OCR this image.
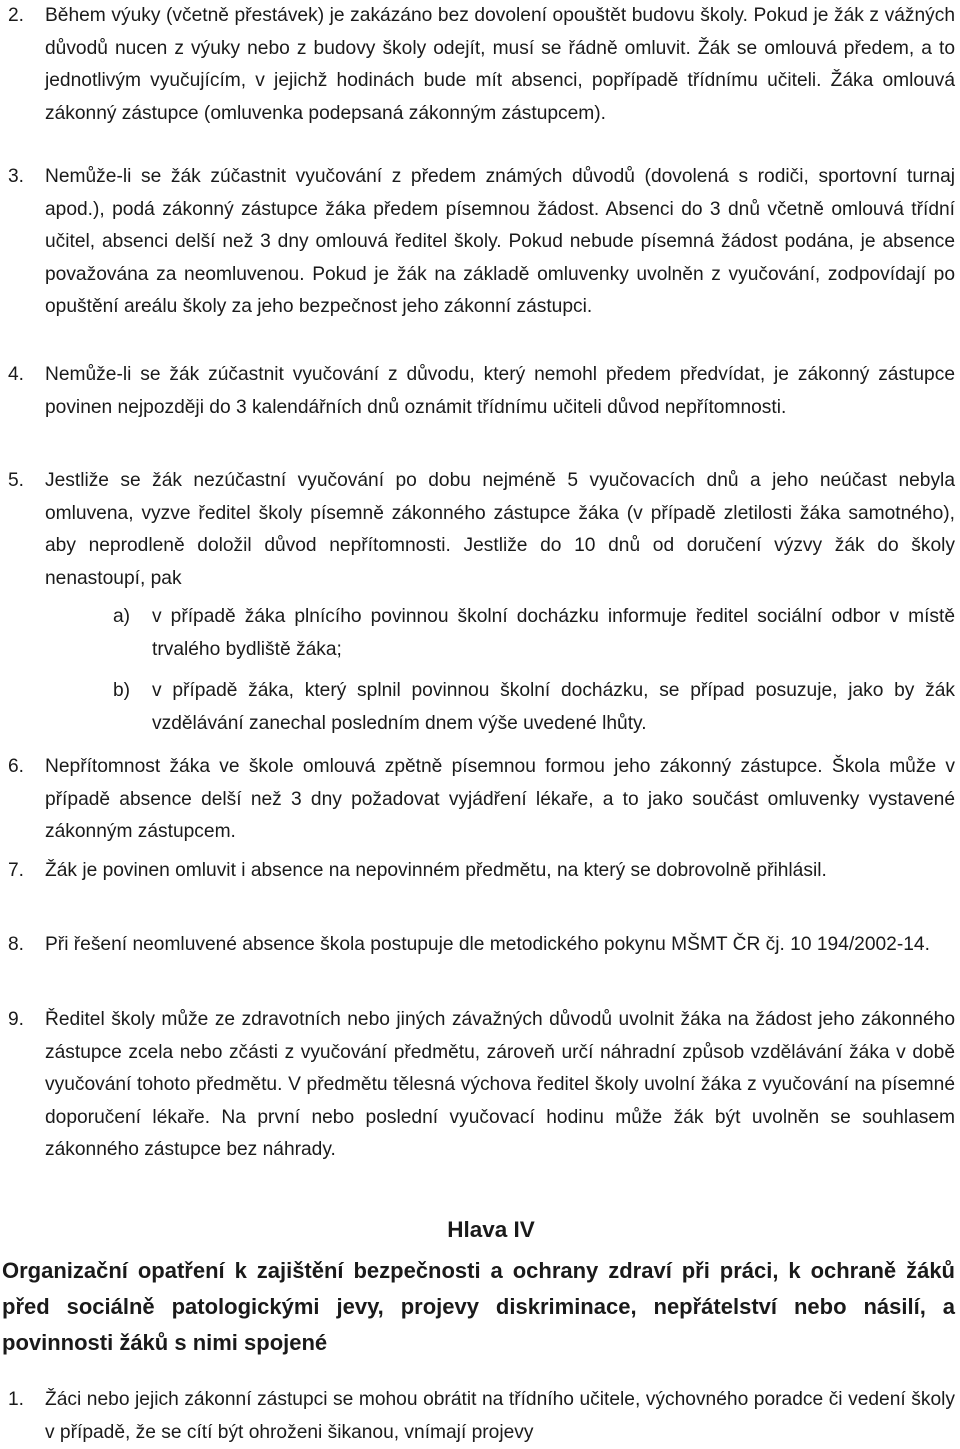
2. Během výuky (včetně přestávek) je zakázáno bez dovolení opouštět budovu školy. Pokud je žák z vážných důvodů nucen z výuky nebo z budovy školy odejít, musí se řádně omluvit. Žák se omlouvá předem, a to jednotlivým vyučujícím, v jejichž hodinách bude mít absenci, popřípadě třídnímu učiteli. Žáka omlouvá zákonný zástupce (omluvenka podepsaná zákonným zástupcem).
3. Nemůže-li se žák zúčastnit vyučování z předem známých důvodů (dovolená s rodiči, sportovní turnaj apod.), podá zákonný zástupce žáka předem písemnou žádost. Absenci do 3 dnů včetně omlouvá třídní učitel, absenci delší než 3 dny omlouvá ředitel školy. Pokud nebude písemná žádost podána, je absence považována za neomluvenou. Pokud je žák na základě omluvenky uvolněn z vyučování, zodpovídají po opuštění areálu školy za jeho bezpečnost jeho zákonní zástupci.
4. Nemůže-li se žák zúčastnit vyučování z důvodu, který nemohl předem předvídat, je zákonný zástupce povinen nejpozději do 3 kalendářních dnů oznámit třídnímu učiteli důvod nepřítomnosti.
5. Jestliže se žák nezúčastní vyučování po dobu nejméně 5 vyučovacích dnů a jeho neúčast nebyla omluvena, vyzve ředitel školy písemně zákonného zástupce žáka (v případě zletilosti žáka samotného), aby neprodleně doložil důvod nepřítomnosti. Jestliže do 10 dnů od doručení výzvy žák do školy nenastoupí, pak
a) v případě žáka plnícího povinnou školní docházku informuje ředitel sociální odbor v místě trvalého bydliště žáka;
b) v případě žáka, který splnil povinnou školní docházku, se případ posuzuje, jako by žák vzdělávání zanechal posledním dnem výše uvedené lhůty.
6. Nepřítomnost žáka ve škole omlouvá zpětně písemnou formou jeho zákonný zástupce. Škola může v případě absence delší než 3 dny požadovat vyjádření lékaře, a to jako součást omluvenky vystavené zákonným zástupcem.
7. Žák je povinen omluvit i absence na nepovinném předmětu, na který se dobrovolně přihlásil.
8. Při řešení neomluvené absence škola postupuje dle metodického pokynu MŠMT ČR čj. 10 194/2002-14.
9. Ředitel školy může ze zdravotních nebo jiných závažných důvodů uvolnit žáka na žádost jeho zákonného zástupce zcela nebo zčásti z vyučování předmětu, zároveň určí náhradní způsob vzdělávání žáka v době vyučování tohoto předmětu. V předmětu tělesná výchova ředitel školy uvolní žáka z vyučování na písemné doporučení lékaře. Na první nebo poslední vyučovací hodinu může žák být uvolněn se souhlasem zákonného zástupce bez náhrady.
Hlava IV
Organizační opatření k zajištění bezpečnosti a ochrany zdraví při práci, k ochraně žáků před sociálně patologickými jevy, projevy diskriminace, nepřátelství nebo násilí, a povinnosti žáků s nimi spojené
1. Žáci nebo jejich zákonní zástupci se mohou obrátit na třídního učitele, výchovného poradce či vedení školy v případě, že se cítí být ohroženi šikanou, vnímají projevy
